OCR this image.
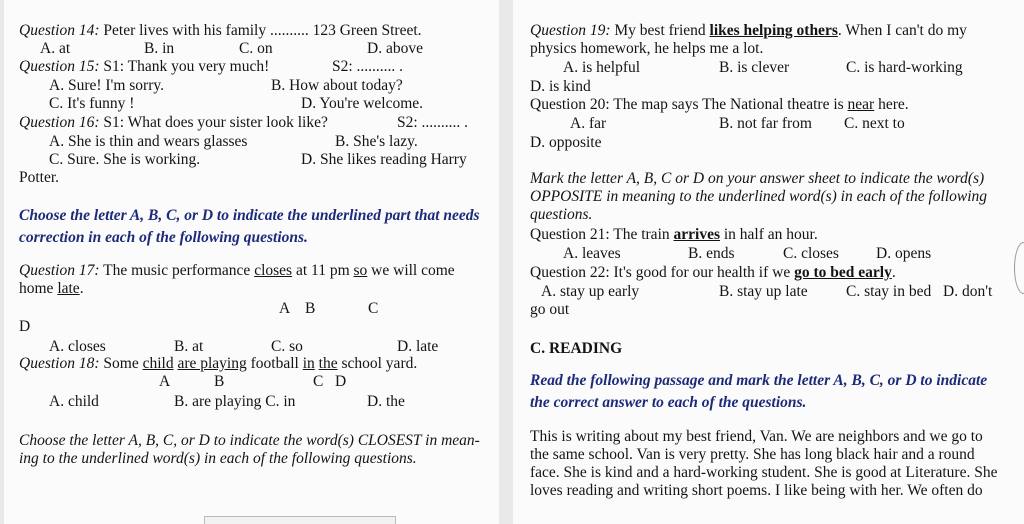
Question 14: Peter lives with his family .......... 123 Green Street.
A. at	B. in	C. on	D. above
Question 15: S1: Thank you very much!	S2: .......... .
A. Sure! I'm sorry.	B. How about today?
C. It's funny !	D. You're welcome.
Question 16: S1: What does your sister look like?	S2: .......... .
A. She is thin and wears glasses	B. She's lazy.
C. Sure. She is working.	D. She likes reading Harry
Potter.
Choose the letter A, B, C, or D to indicate the underlined part that needs
correction in each of the following questions.
Question 17: The music performance closes at 11 pm so we will come
home late.
A B	C
D
A. closes	B. at	C. so	D. late
Question 18: Some child are playing football in the school yard.
A	B	C D
A. child	B. are playing C. in	D. the
Choose the letter A, B, C, or D to indicate the word(s) CLOSEST in mean-
ing to the underlined word(s) in each of the following questions.
Question 19: My best friend likes helping others. When I can't do my
physics homework, he helps me a lot.
A. is helpful	B. is clever	C. is hard-working
D. is kind
Question 20: The map says The National theatre is near here.
A. far	B. not far from C. next to
D. opposite
Mark the letter A, B, C or D on your answer sheet to indicate the word(s)
OPPOSITE in meaning to the underlined word(s) in each of the following
questions.
Question 21: The train arrives in half an hour.
A. leaves	B. ends	C. closes D. opens
Question 22: It's good for our health if we go to bed early.
A. stay up early	B. stay up late C. stay in bed D. don't
go out
C. READING
Read the following passage and mark the letter A, B, C, or D to indicate
the correct answer to each of the questions.
This is writing about my best friend, Van. We are neighbors and we go to
the same school. Van is very pretty. She has long black hair and a round
face. She is kind and a hard-working student. She is good at Literature. She
loves reading and writing short poems. I like being with her. We often do
